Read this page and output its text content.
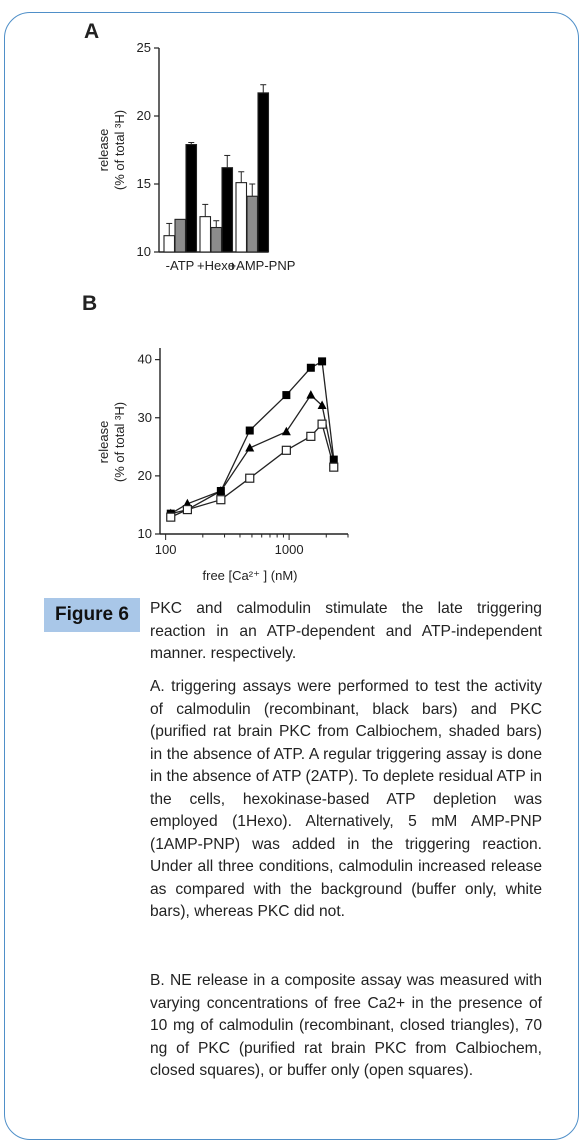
A
release (% of total ³H)
10
15
20
25
-ATP +Hexo
+AMP-PNP
B
release (% of total ³H)
free [Ca²⁺ ] (nM)
10
20
30
40
100	1000
Figure 6	PKC and calmodulin stimulate the late triggering reaction in an ATP-dependent and ATP-independent manner. respectively.
A. triggering assays were performed to test the activity of calmodulin (recombinant, black bars) and PKC (purified rat brain PKC from Calbiochem, shaded bars) in the absence of ATP. A regular triggering assay is done in the absence of ATP (2ATP). To deplete residual ATP in the cells, hexokinase-based ATP depletion was employed (1Hexo). Alternatively, 5 mM AMP-PNP (1AMP-PNP) was added in the triggering reaction. Under all three conditions, calmodulin increased release as compared with the background (buffer only, white bars), whereas PKC did not.
B. NE release in a composite assay was measured with varying concentrations of free Ca2+ in the presence of 10 mg of calmodulin (recombinant, closed triangles), 70 ng of PKC (purified rat brain PKC from Calbiochem, closed squares), or buffer only (open squares).
